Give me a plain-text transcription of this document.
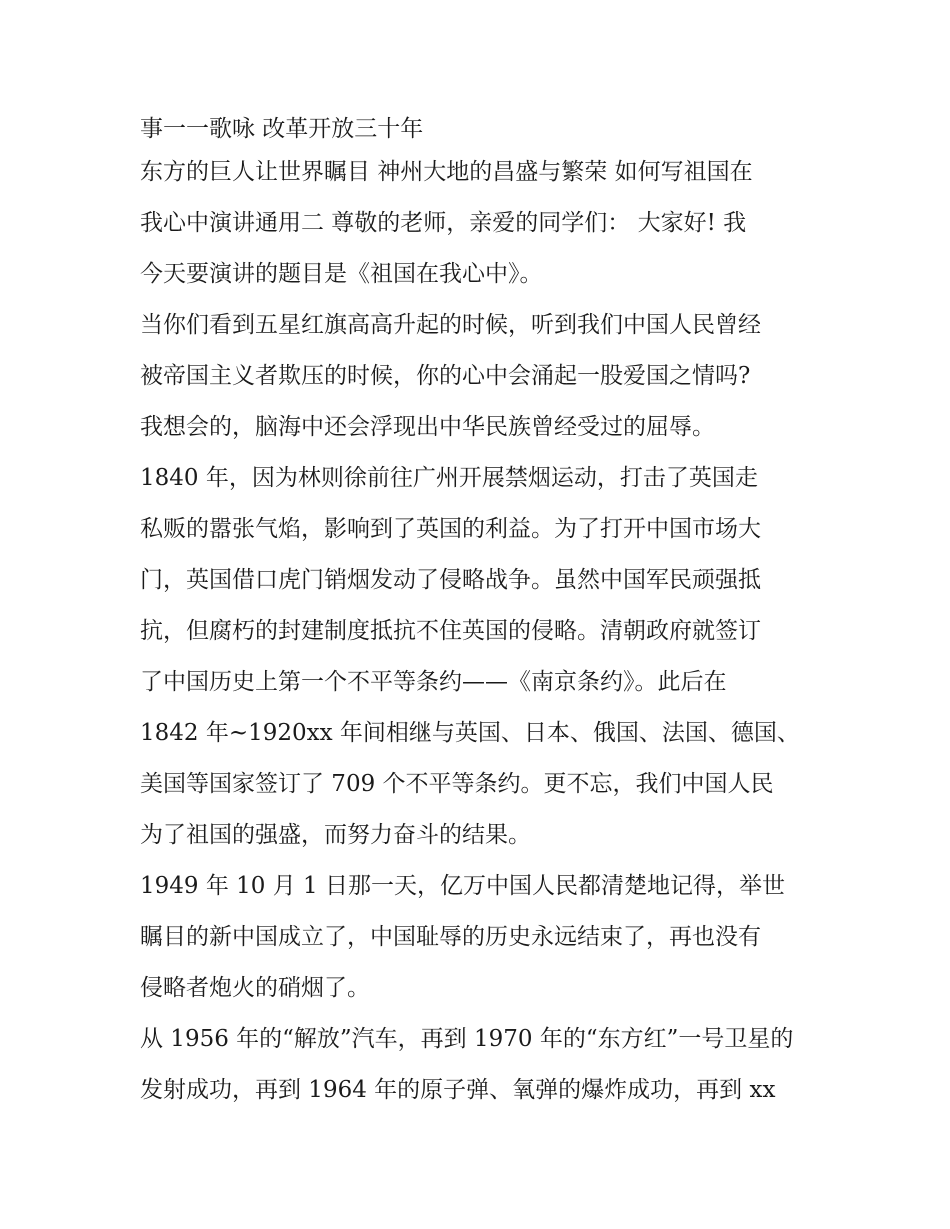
事一一歌咏 改革开放三十年
东方的巨人让世界瞩目 神州大地的昌盛与繁荣 如何写祖国在
我心中演讲通用二 尊敬的老师，亲爱的同学们： 大家好! 我
今天要演讲的题目是《祖国在我心中》。
当你们看到五星红旗高高升起的时候，听到我们中国人民曾经
被帝国主义者欺压的时候，你的心中会涌起一股爱国之情吗?
我想会的，脑海中还会浮现出中华民族曾经受过的屈辱。
1840 年，因为林则徐前往广州开展禁烟运动，打击了英国走
私贩的嚣张气焰，影响到了英国的利益。为了打开中国市场大
门，英国借口虎门销烟发动了侵略战争。虽然中国军民顽强抵
抗，但腐朽的封建制度抵抗不住英国的侵略。清朝政府就签订
了中国历史上第一个不平等条约——《南京条约》。此后在
1842 年~1920xx 年间相继与英国、日本、俄国、法国、德国、
美国等国家签订了 709 个不平等条约。更不忘，我们中国人民
为了祖国的强盛，而努力奋斗的结果。
1949 年 10 月 1 日那一天，亿万中国人民都清楚地记得，举世
瞩目的新中国成立了，中国耻辱的历史永远结束了，再也没有
侵略者炮火的硝烟了。
从 1956 年的“解放”汽车，再到 1970 年的“东方红”一号卫星的
发射成功，再到 1964 年的原子弹、氧弹的爆炸成功，再到 xx
